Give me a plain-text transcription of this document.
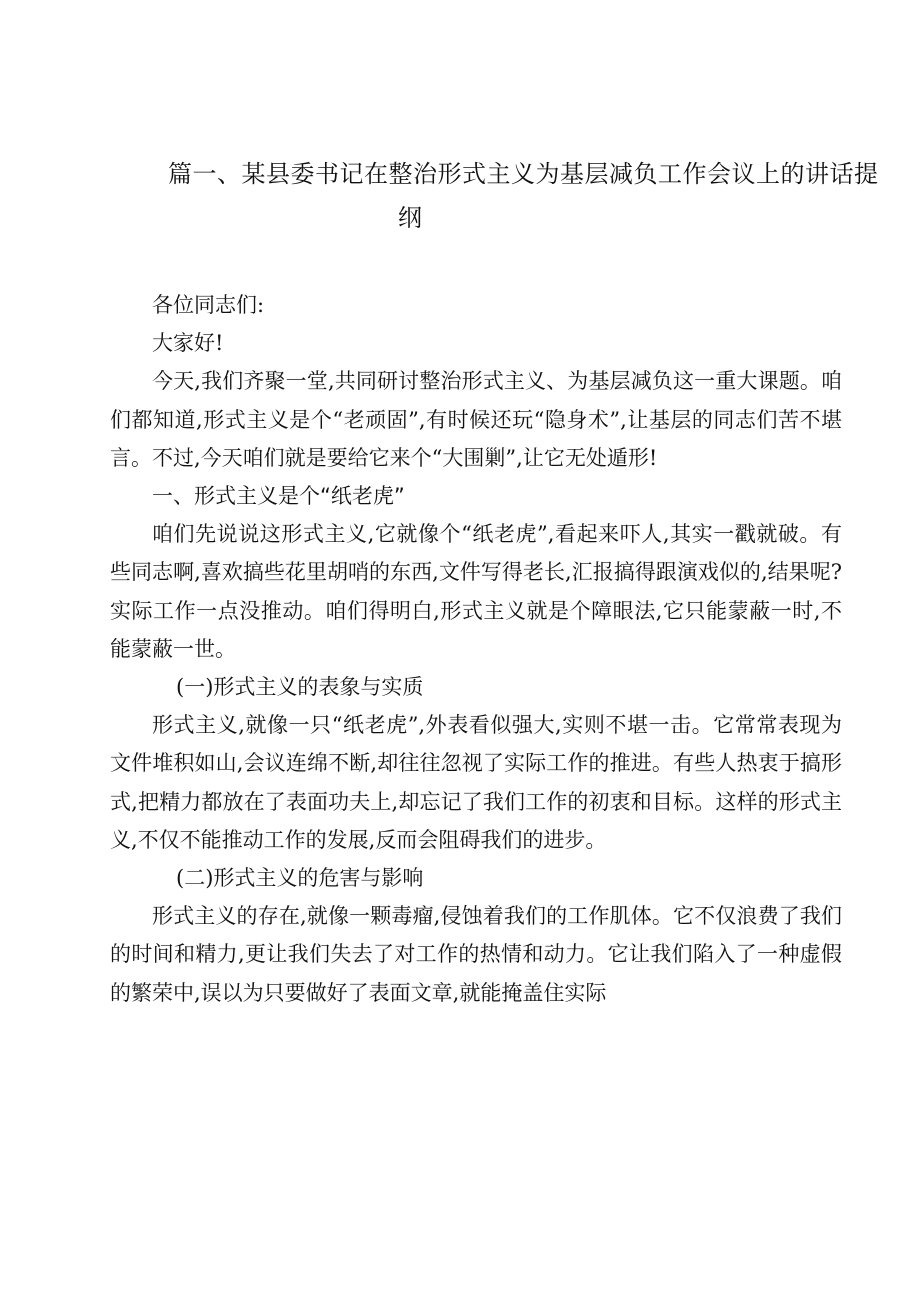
篇一、某县委书记在整治形式主义为基层减负工作会议上的讲话提
纲

各位同志们:

大家好!

今天,我们齐聚一堂,共同研讨整治形式主义、为基层减负这一重大课题。咱们都知道,形式主义是个“老顽固”,有时候还玩“隐身术”,让基层的同志们苦不堪言。不过,今天咱们就是要给它来个“大围剿”,让它无处遁形!

一、形式主义是个“纸老虎”

咱们先说说这形式主义,它就像个“纸老虎”,看起来吓人,其实一戳就破。有些同志啊,喜欢搞些花里胡哨的东西,文件写得老长,汇报搞得跟演戏似的,结果呢?实际工作一点没推动。咱们得明白,形式主义就是个障眼法,它只能蒙蔽一时,不能蒙蔽一世。

(一)形式主义的表象与实质

形式主义,就像一只“纸老虎”,外表看似强大,实则不堪一击。它常常表现为文件堆积如山,会议连绵不断,却往往忽视了实际工作的推进。有些人热衷于搞形式,把精力都放在了表面功夫上,却忘记了我们工作的初衷和目标。这样的形式主义,不仅不能推动工作的发展,反而会阻碍我们的进步。

(二)形式主义的危害与影响

形式主义的存在,就像一颗毒瘤,侵蚀着我们的工作肌体。它不仅浪费了我们的时间和精力,更让我们失去了对工作的热情和动力。它让我们陷入了一种虚假的繁荣中,误以为只要做好了表面文章,就能掩盖住实际
